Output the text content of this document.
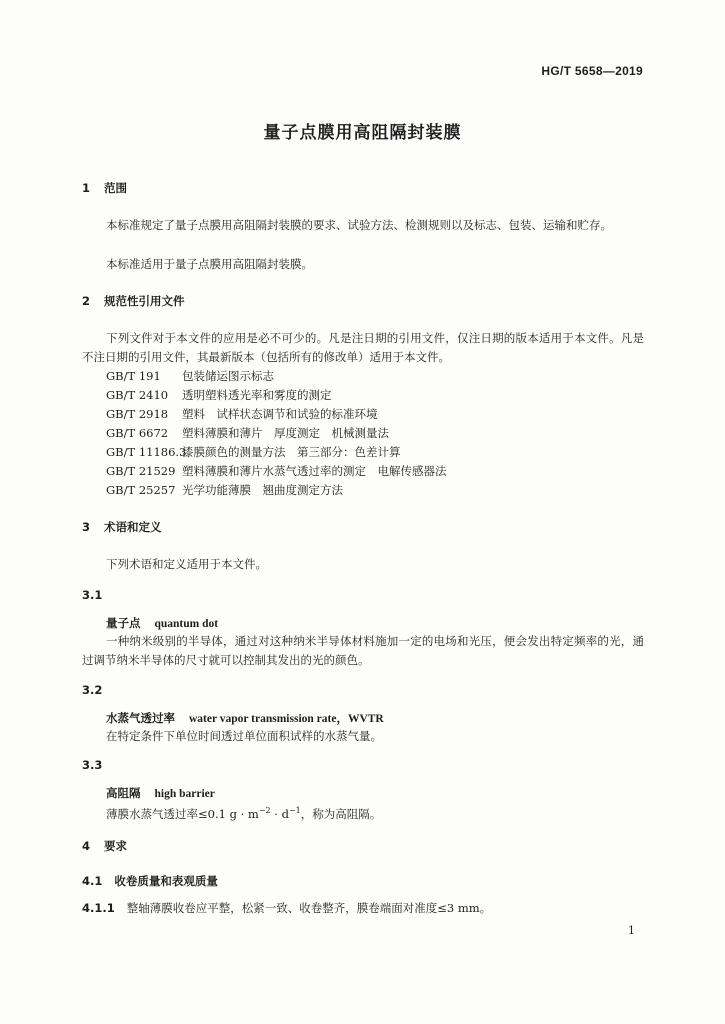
HG/T 5658—2019
量子点膜用高阻隔封装膜
1 范围
本标准规定了量子点膜用高阻隔封装膜的要求、试验方法、检测规则以及标志、包装、运输和贮存。
本标准适用于量子点膜用高阻隔封装膜。
2 规范性引用文件
下列文件对于本文件的应用是必不可少的。凡是注日期的引用文件，仅注日期的版本适用于本文件。凡是不注日期的引用文件，其最新版本（包括所有的修改单）适用于本文件。
GB/T 191 包装储运图示标志
GB/T 2410 透明塑料透光率和雾度的测定
GB/T 2918 塑料　试样状态调节和试验的标准环境
GB/T 6672 塑料薄膜和薄片　厚度测定　机械测量法
GB/T 11186.3漆膜颜色的测量方法　第三部分：色差计算
GB/T 21529 塑料薄膜和薄片水蒸气透过率的测定　电解传感器法
GB/T 25257 光学功能薄膜　翘曲度测定方法
3 术语和定义
下列术语和定义适用于本文件。
3.1
量子点 quantum dot
一种纳米级别的半导体，通过对这种纳米半导体材料施加一定的电场和光压，便会发出特定频率的光，通过调节纳米半导体的尺寸就可以控制其发出的光的颜色。
3.2
水蒸气透过率 water vapor transmission rate，WVTR
在特定条件下单位时间透过单位面积试样的水蒸气量。
3.3
高阻隔 high barrier
薄膜水蒸气透过率≤0.1 $g \cdot m^{-2} \cdot d^{-1}$，称为高阻隔。
4 要求
4.1 收卷质量和表观质量
4.1.1 整轴薄膜收卷应平整，松紧一致、收卷整齐，膜卷端面对准度≤3 mm。
1
